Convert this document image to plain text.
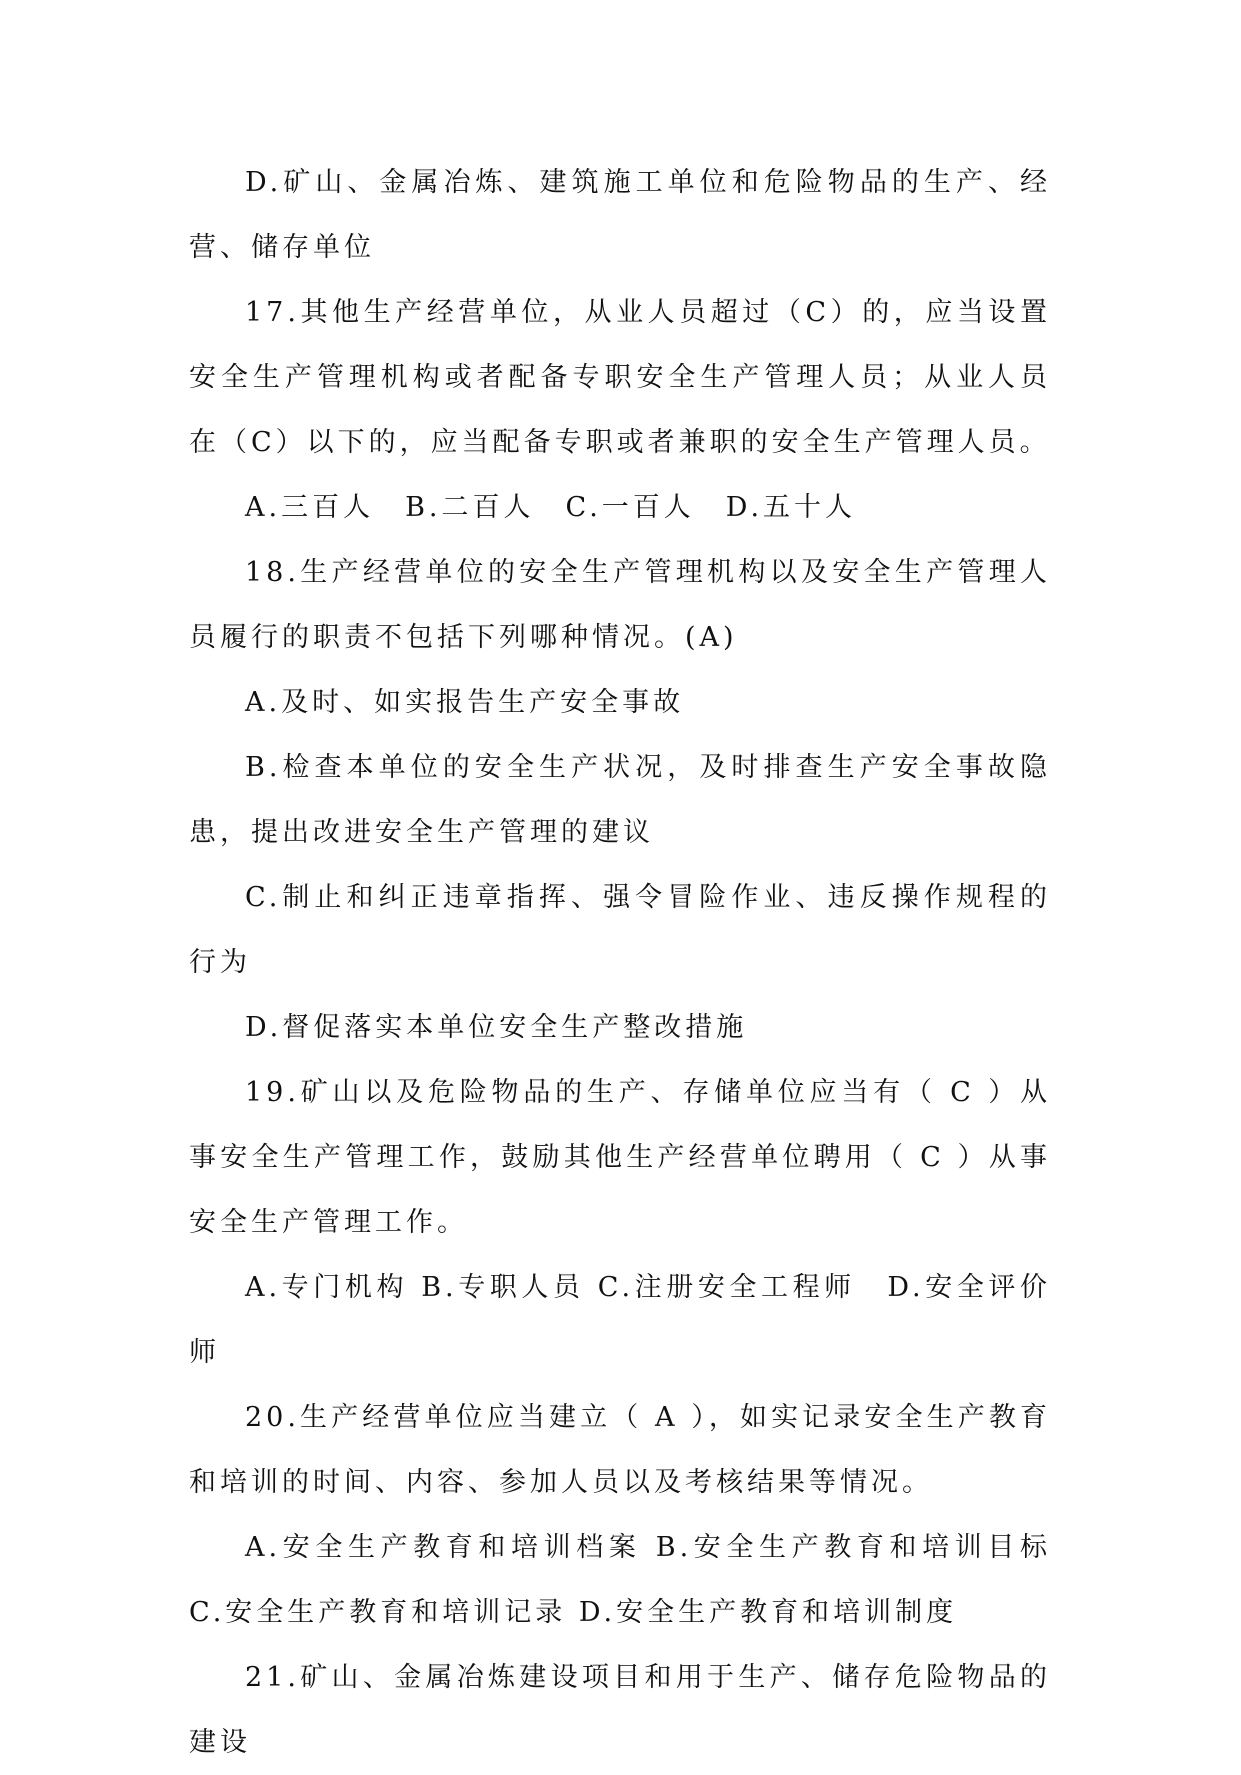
D.矿山、金属冶炼、建筑施工单位和危险物品的生产、经营、储存单位

17.其他生产经营单位，从业人员超过（C）的，应当设置安全生产管理机构或者配备专职安全生产管理人员；从业人员在（C）以下的，应当配备专职或者兼职的安全生产管理人员。

A.三百人　B.二百人　C.一百人　D.五十人

18.生产经营单位的安全生产管理机构以及安全生产管理人员履行的职责不包括下列哪种情况。(A)

A.及时、如实报告生产安全事故

B.检查本单位的安全生产状况，及时排查生产安全事故隐患，提出改进安全生产管理的建议

C.制止和纠正违章指挥、强令冒险作业、违反操作规程的行为

D.督促落实本单位安全生产整改措施

19.矿山以及危险物品的生产、存储单位应当有（ C ）从事安全生产管理工作，鼓励其他生产经营单位聘用（ C ）从事安全生产管理工作。

A.专门机构 B.专职人员 C.注册安全工程师　D.安全评价师

20.生产经营单位应当建立（ A ），如实记录安全生产教育和培训的时间、内容、参加人员以及考核结果等情况。

A.安全生产教育和培训档案 B.安全生产教育和培训目标 C.安全生产教育和培训记录 D.安全生产教育和培训制度

21.矿山、金属冶炼建设项目和用于生产、储存危险物品的建设
